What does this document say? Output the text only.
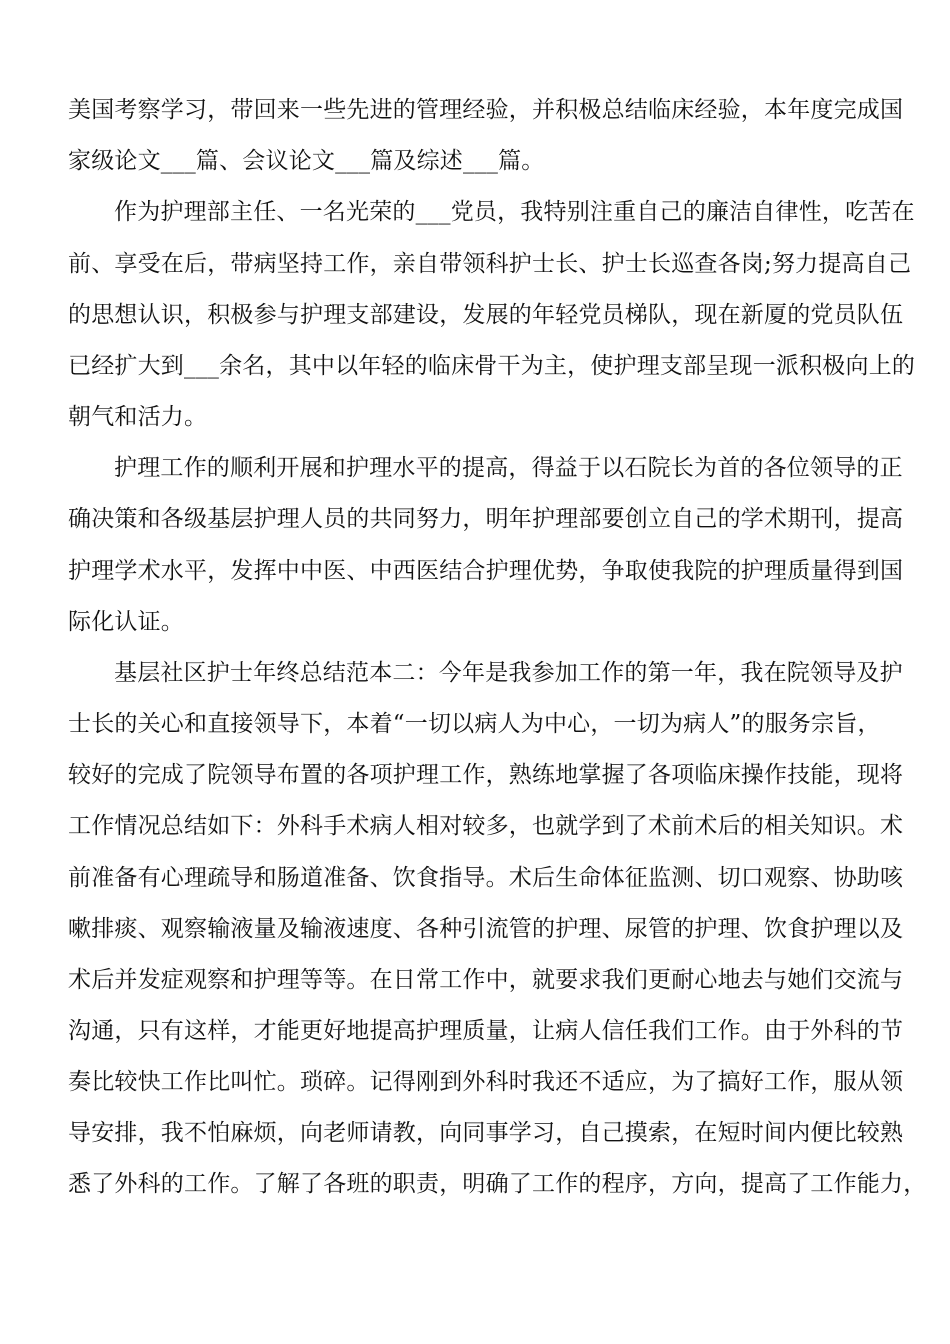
美国考察学习，带回来一些先进的管理经验，并积极总结临床经验，本年度完成国
家级论文___篇、会议论文___篇及综述___篇。
作为护理部主任、一名光荣的___党员，我特别注重自己的廉洁自律性，吃苦在
前、享受在后，带病坚持工作，亲自带领科护士长、护士长巡查各岗;努力提高自己
的思想认识，积极参与护理支部建设，发展的年轻党员梯队，现在新厦的党员队伍
已经扩大到___余名，其中以年轻的临床骨干为主，使护理支部呈现一派积极向上的
朝气和活力。
护理工作的顺利开展和护理水平的提高，得益于以石院长为首的各位领导的正
确决策和各级基层护理人员的共同努力，明年护理部要创立自己的学术期刊，提高
护理学术水平，发挥中中医、中西医结合护理优势，争取使我院的护理质量得到国
际化认证。
基层社区护士年终总结范本二：今年是我参加工作的第一年，我在院领导及护
士长的关心和直接领导下，本着“一切以病人为中心，一切为病人”的服务宗旨，
较好的完成了院领导布置的各项护理工作，熟练地掌握了各项临床操作技能，现将
工作情况总结如下：外科手术病人相对较多，也就学到了术前术后的相关知识。术
前准备有心理疏导和肠道准备、饮食指导。术后生命体征监测、切口观察、协助咳
嗽排痰、观察输液量及输液速度、各种引流管的护理、尿管的护理、饮食护理以及
术后并发症观察和护理等等。在日常工作中，就要求我们更耐心地去与她们交流与
沟通，只有这样，才能更好地提高护理质量，让病人信任我们工作。由于外科的节
奏比较快工作比叫忙。琐碎。记得刚到外科时我还不适应，为了搞好工作，服从领
导安排，我不怕麻烦，向老师请教，向同事学习，自己摸索，在短时间内便比较熟
悉了外科的工作。了解了各班的职责，明确了工作的程序，方向，提高了工作能力，
